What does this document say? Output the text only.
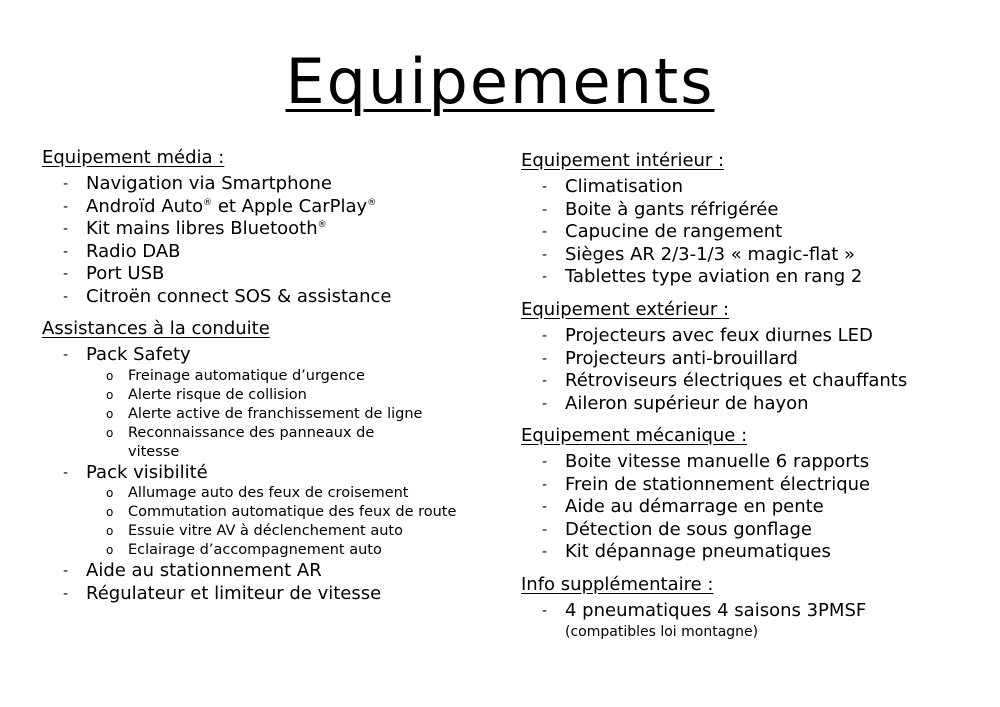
Equipements

Equipement média :

- Navigation via Smartphone
- Androïd Auto® et Apple CarPlay®
- Kit mains libres Bluetooth®
- Radio DAB
- Port USB
- Citroën connect SOS & assistance

Assistances à la conduite

- Pack Safety
o Freinage automatique d’urgence
o Alerte risque de collision
o Alerte active de franchissement de ligne
o Reconnaissance des panneaux de vitesse
- Pack visibilité
o Allumage auto des feux de croisement
o Commutation automatique des feux de route
o Essuie vitre AV à déclenchement auto
o Eclairage d’accompagnement auto
- Aide au stationnement AR
- Régulateur et limiteur de vitesse

Equipement intérieur :

- Climatisation
- Boite à gants réfrigérée
- Capucine de rangement
- Sièges AR 2/3-1/3 « magic-flat »
- Tablettes type aviation en rang 2

Equipement extérieur :

- Projecteurs avec feux diurnes LED
- Projecteurs anti-brouillard
- Rétroviseurs électriques et chauffants
- Aileron supérieur de hayon

Equipement mécanique :

- Boite vitesse manuelle 6 rapports
- Frein de stationnement électrique
- Aide au démarrage en pente
- Détection de sous gonflage
- Kit dépannage pneumatiques

Info supplémentaire :

- 4 pneumatiques 4 saisons 3PMSF
(compatibles loi montagne)
